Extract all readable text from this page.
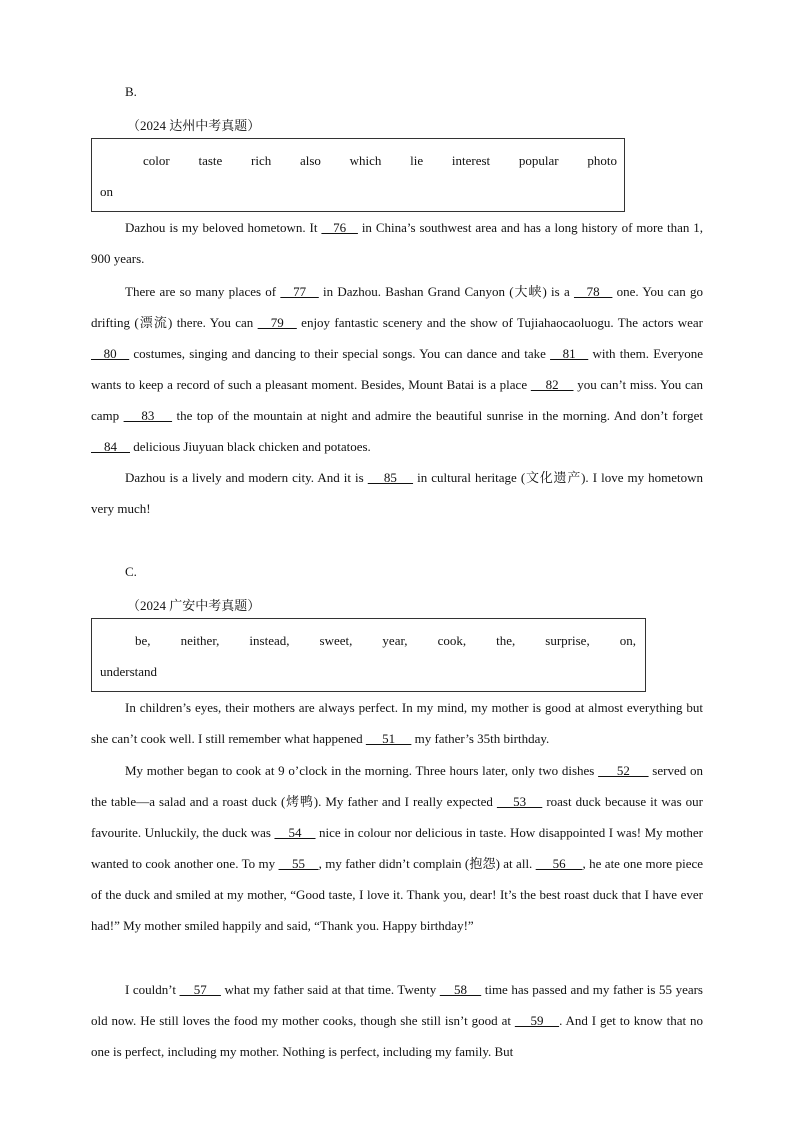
B.
（2024 达州中考真题）
color taste rich also which lie interest popular photo
on

Dazhou is my beloved hometown. It    76    in China’s southwest area and has a long history of more than 1, 900 years.

There are so many places of    77    in Dazhou. Bashan Grand Canyon (大峡) is a    78    one. You can go drifting (漂流) there. You can    79    enjoy fantastic scenery and the show of Tujiahaocaoluogu. The actors wear    80    costumes, singing and dancing to their special songs. You can dance and take    81    with them. Everyone wants to keep a record of such a pleasant moment. Besides, Mount Batai is a place     82     you can’t miss. You can camp     83     the top of the mountain at night and admire the beautiful sunrise in the morning. And don’t forget     84     delicious Jiuyuan black chicken and potatoes.

Dazhou is a lively and modern city. And it is     85     in cultural heritage (文化遗产). I love my hometown very much!

C.
（2024 广安中考真题）
be, neither, instead, sweet, year, cook, the, surprise, on,
understand

In children’s eyes, their mothers are always perfect. In my mind, my mother is good at almost everything but she can’t cook well. I still remember what happened      51      my father’s 35th birthday.

My mother began to cook at 9 o’clock in the morning. Three hours later, only two dishes      52      served on the table—a salad and a roast duck (烤鸭). My father and I really expected     53     roast duck because it was our favourite. Unluckily, the duck was     54     nice in colour nor delicious in taste. How disappointed I was! My mother wanted to cook another one. To my     55    , my father didn’t complain (抱怨) at all.      56     , he ate one more piece of the duck and smiled at my mother, “Good taste, I love it. Thank you, dear! It’s the best roast duck that I have ever had!” My mother smiled happily and said, “Thank you. Happy birthday!”

I couldn’t     57     what my father said at that time. Twenty     58     time has passed and my father is 55 years old now. He still loves the food my mother cooks, though she still isn’t good at     59    . And I get to know that no one is perfect, including my mother. Nothing is perfect, including my family. But
